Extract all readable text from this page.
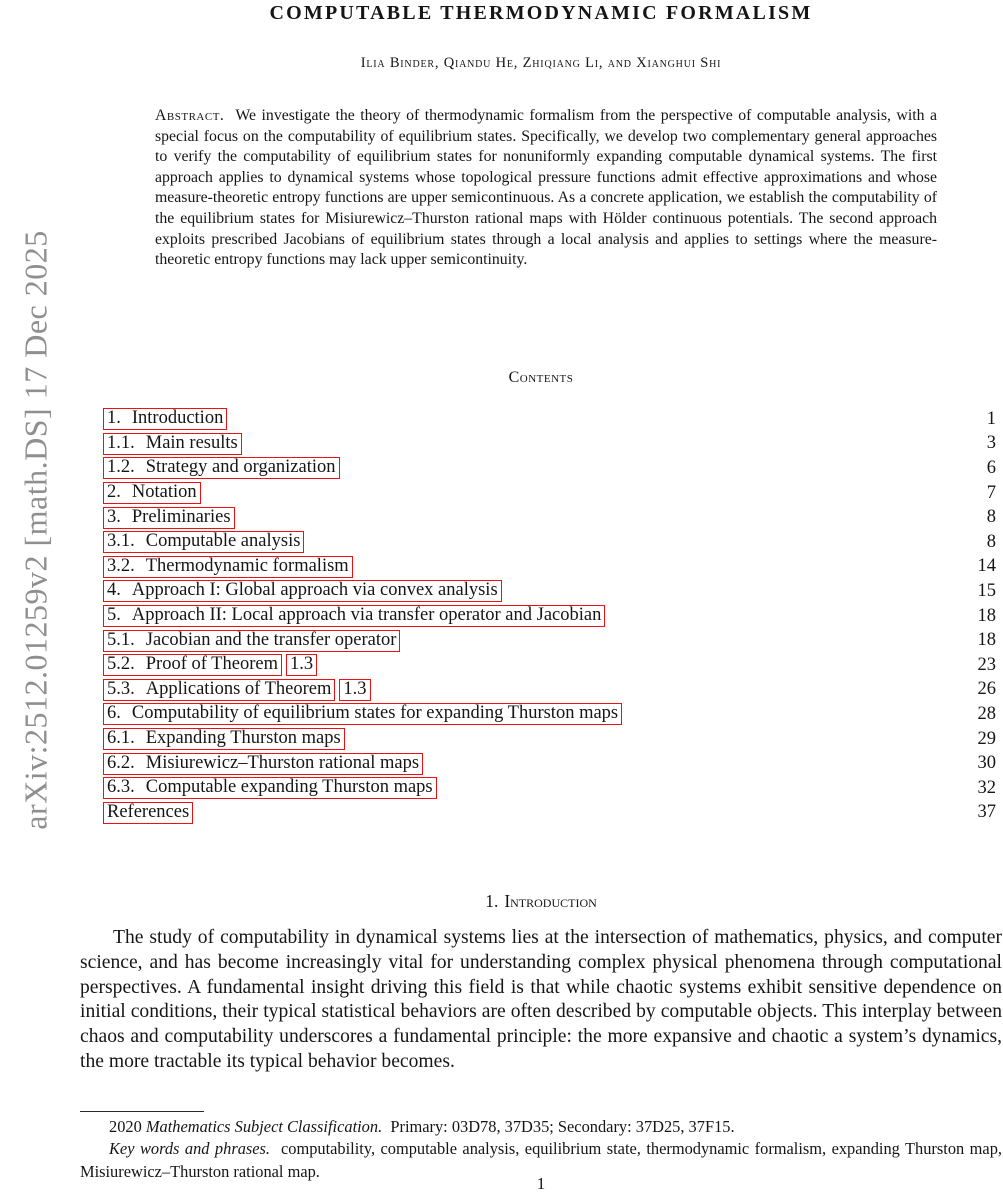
arXiv:2512.01259v2 [math.DS] 17 Dec 2025
COMPUTABLE THERMODYNAMIC FORMALISM
Ilia Binder, Qiandu He, Zhiqiang Li, and Xianghui Shi
Abstract. We investigate the theory of thermodynamic formalism from the perspective of computable analysis, with a special focus on the computability of equilibrium states. Specifically, we develop two complementary general approaches to verify the computability of equilibrium states for nonuniformly expanding computable dynamical systems. The first approach applies to dynamical systems whose topological pressure functions admit effective approximations and whose measure-theoretic entropy functions are upper semicontinuous. As a concrete application, we establish the computability of the equilibrium states for Misiurewicz–Thurston rational maps with Hölder continuous potentials. The second approach exploits prescribed Jacobians of equilibrium states through a local analysis and applies to settings where the measure-theoretic entropy functions may lack upper semicontinuity.
Contents
1. Introduction	1
1.1. Main results	3
1.2. Strategy and organization	6
2. Notation	7
3. Preliminaries	8
3.1. Computable analysis	8
3.2. Thermodynamic formalism	14
4. Approach I: Global approach via convex analysis	15
5. Approach II: Local approach via transfer operator and Jacobian	18
5.1. Jacobian and the transfer operator	18
5.2. Proof of Theorem 1.3	23
5.3. Applications of Theorem 1.3	26
6. Computability of equilibrium states for expanding Thurston maps	28
6.1. Expanding Thurston maps	29
6.2. Misiurewicz–Thurston rational maps	30
6.3. Computable expanding Thurston maps	32
References	37
1. Introduction
The study of computability in dynamical systems lies at the intersection of mathematics, physics, and computer science, and has become increasingly vital for understanding complex physical phenomena through computational perspectives. A fundamental insight driving this field is that while chaotic systems exhibit sensitive dependence on initial conditions, their typical statistical behaviors are often described by computable objects. This interplay between chaos and computability underscores a fundamental principle: the more expansive and chaotic a system’s dynamics, the more tractable its typical behavior becomes.

2020 Mathematics Subject Classification. Primary: 03D78, 37D35; Secondary: 37D25, 37F15.

Key words and phrases. computability, computable analysis, equilibrium state, thermodynamic formalism, expanding Thurston map, Misiurewicz–Thurston rational map.

1
